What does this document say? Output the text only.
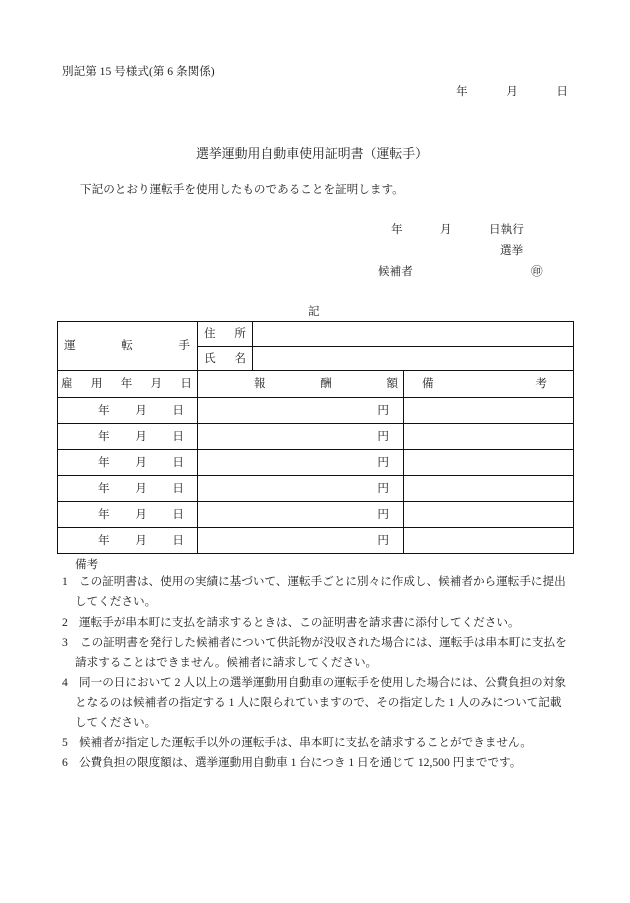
別記第 15 号様式(第 6 条関係)
年	月	日
選挙運動用自動車使用証明書（運転手）
下記のとおり運転手を使用したものであることを証明します。
年	月	日執行
選挙
候補者	㊞
記
運 転 手	住 所		

	氏 名		

雇 用 年 月 日	報 酬 額		備 考

年 月 日	円		

年 月 日	円		

年 月 日	円		

年 月 日	円		

年 月 日	円		

年 月 日	円		
備考
1 この証明書は、使用の実績に基づいて、運転手ごとに別々に作成し、候補者から運転手に提出
してください。
2 運転手が串本町に支払を請求するときは、この証明書を請求書に添付してください。
3 この証明書を発行した候補者について供託物が没収された場合には、運転手は串本町に支払を
請求することはできません。候補者に請求してください。
4 同一の日において 2 人以上の選挙運動用自動車の運転手を使用した場合には、公費負担の対象
となるのは候補者の指定する 1 人に限られていますので、その指定した 1 人のみについて記載
してください。
5 候補者が指定した運転手以外の運転手は、串本町に支払を請求することができません。
6 公費負担の限度額は、選挙運動用自動車 1 台につき 1 日を通じて 12,500 円までです。
